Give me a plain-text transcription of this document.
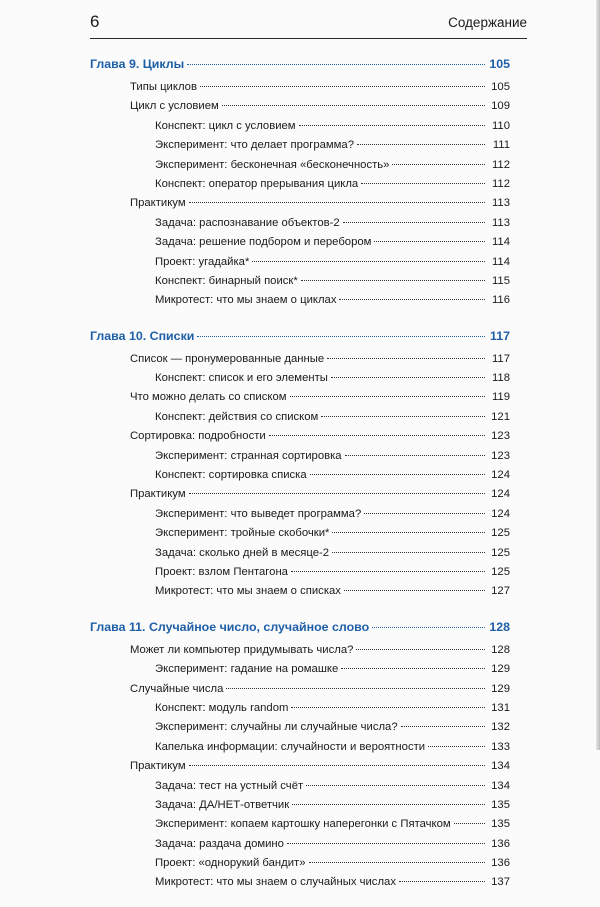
6	Содержание
Глава 9. Циклы	105
Типы циклов	105
Цикл с условием	109
Конспект: цикл с условием	110
Эксперимент: что делает программа?	111
Эксперимент: бесконечная «бесконечность»	112
Конспект: оператор прерывания цикла	112
Практикум	113
Задача: распознавание объектов-2	113
Задача: решение подбором и перебором	114
Проект: угадайка*	114
Конспект: бинарный поиск*	115
Микротест: что мы знаем о циклах	116
Глава 10. Списки	117
Список — пронумерованные данные	117
Конспект: список и его элементы	118
Что можно делать со списком	119
Конспект: действия со списком	121
Сортировка: подробности	123
Эксперимент: странная сортировка	123
Конспект: сортировка списка	124
Практикум	124
Эксперимент: что выведет программа?	124
Эксперимент: тройные скобочки*	125
Задача: сколько дней в месяце-2	125
Проект: взлом Пентагона	125
Микротест: что мы знаем о списках	127
Глава 11. Случайное число, случайное слово	128
Может ли компьютер придумывать числа?	128
Эксперимент: гадание на ромашке	129
Случайные числа	129
Конспект: модуль random	131
Эксперимент: случайны ли случайные числа?	132
Капелька информации: случайности и вероятности	133
Практикум	134
Задача: тест на устный счёт	134
Задача: ДА/НЕТ-ответчик	135
Эксперимент: копаем картошку наперегонки с Пятачком	135
Задача: раздача домино	136
Проект: «однорукий бандит»	136
Микротест: что мы знаем о случайных числах	137
